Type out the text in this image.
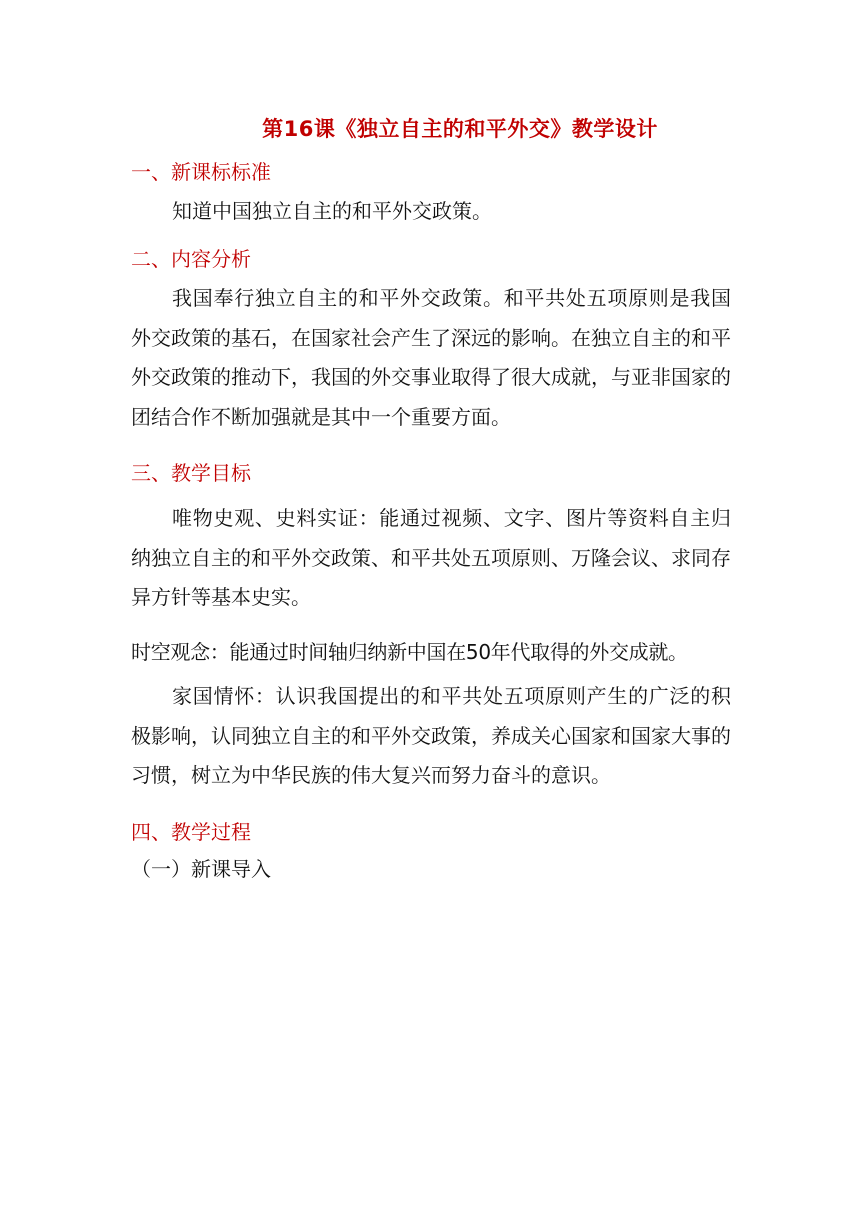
第16课《独立自主的和平外交》教学设计
一、新课标标准
知道中国独立自主的和平外交政策。
二、内容分析
我国奉行独立自主的和平外交政策。和平共处五项原则是我国外交政策的基石，在国家社会产生了深远的影响。在独立自主的和平外交政策的推动下，我国的外交事业取得了很大成就，与亚非国家的团结合作不断加强就是其中一个重要方面。
三、教学目标
唯物史观、史料实证：能通过视频、文字、图片等资料自主归纳独立自主的和平外交政策、和平共处五项原则、万隆会议、求同存异方针等基本史实。
时空观念：能通过时间轴归纳新中国在50年代取得的外交成就。
家国情怀：认识我国提出的和平共处五项原则产生的广泛的积极影响，认同独立自主的和平外交政策，养成关心国家和国家大事的习惯，树立为中华民族的伟大复兴而努力奋斗的意识。
四、教学过程
（一）新课导入
